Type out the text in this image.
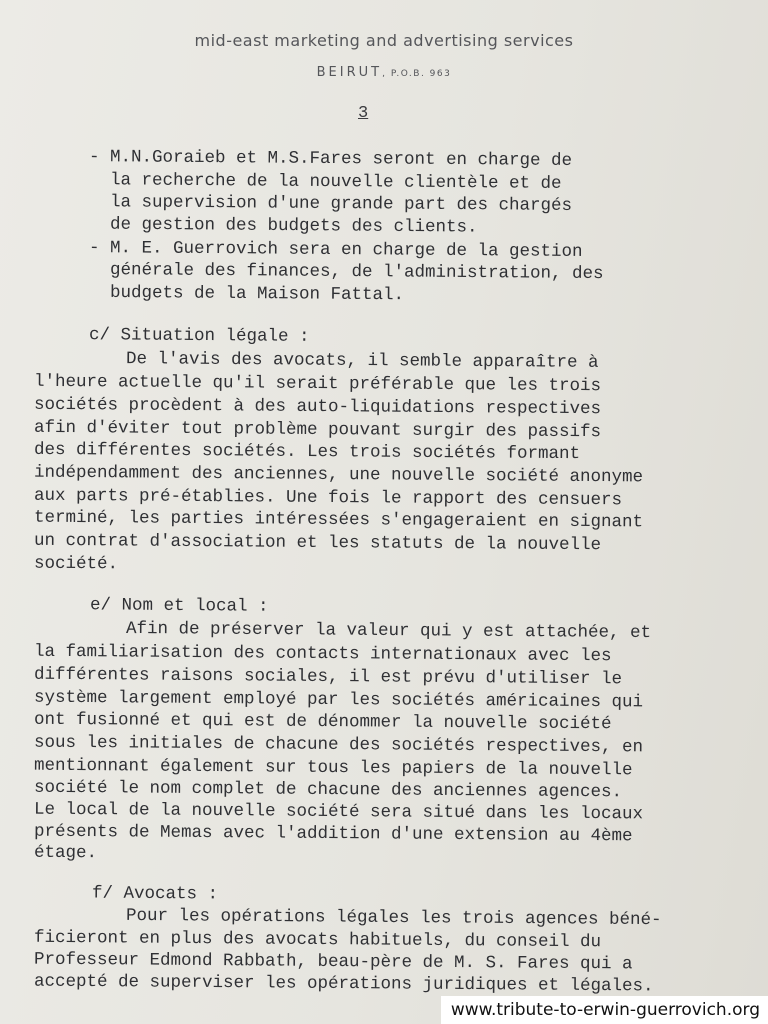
mid-east marketing and advertising services
BEIRUT, P.O.B. 963
3
- M.N.Goraieb et M.S.Fares seront en charge de
la recherche de la nouvelle clientèle et de
la supervision d'une grande part des chargés
de gestion des budgets des clients.
- M. E. Guerrovich sera en charge de la gestion
générale des finances, de l'administration, des
budgets de la Maison Fattal.
c/ Situation légale :
De l'avis des avocats, il semble apparaître à
l'heure actuelle qu'il serait préférable que les trois
sociétés procèdent à des auto-liquidations respectives
afin d'éviter tout problème pouvant surgir des passifs
des différentes sociétés. Les trois sociétés formant
indépendamment des anciennes, une nouvelle société anonyme
aux parts pré-établies. Une fois le rapport des censuers
terminé, les parties intéressées s'engageraient en signant
un contrat d'association et les statuts de la nouvelle
société.
e/ Nom et local :
Afin de préserver la valeur qui y est attachée, et
la familiarisation des contacts internationaux avec les
différentes raisons sociales, il est prévu d'utiliser le
système largement employé par les sociétés américaines qui
ont fusionné et qui est de dénommer la nouvelle société
sous les initiales de chacune des sociétés respectives, en
mentionnant également sur tous les papiers de la nouvelle
société le nom complet de chacune des anciennes agences.
Le local de la nouvelle société sera situé dans les locaux
présents de Memas avec l'addition d'une extension au 4ème
étage.
f/ Avocats :
Pour les opérations légales les trois agences béné-
ficieront en plus des avocats habituels, du conseil du
Professeur Edmond Rabbath, beau-père de M. S. Fares qui a
accepté de superviser les opérations juridiques et légales.
www.tribute-to-erwin-guerrovich.org
